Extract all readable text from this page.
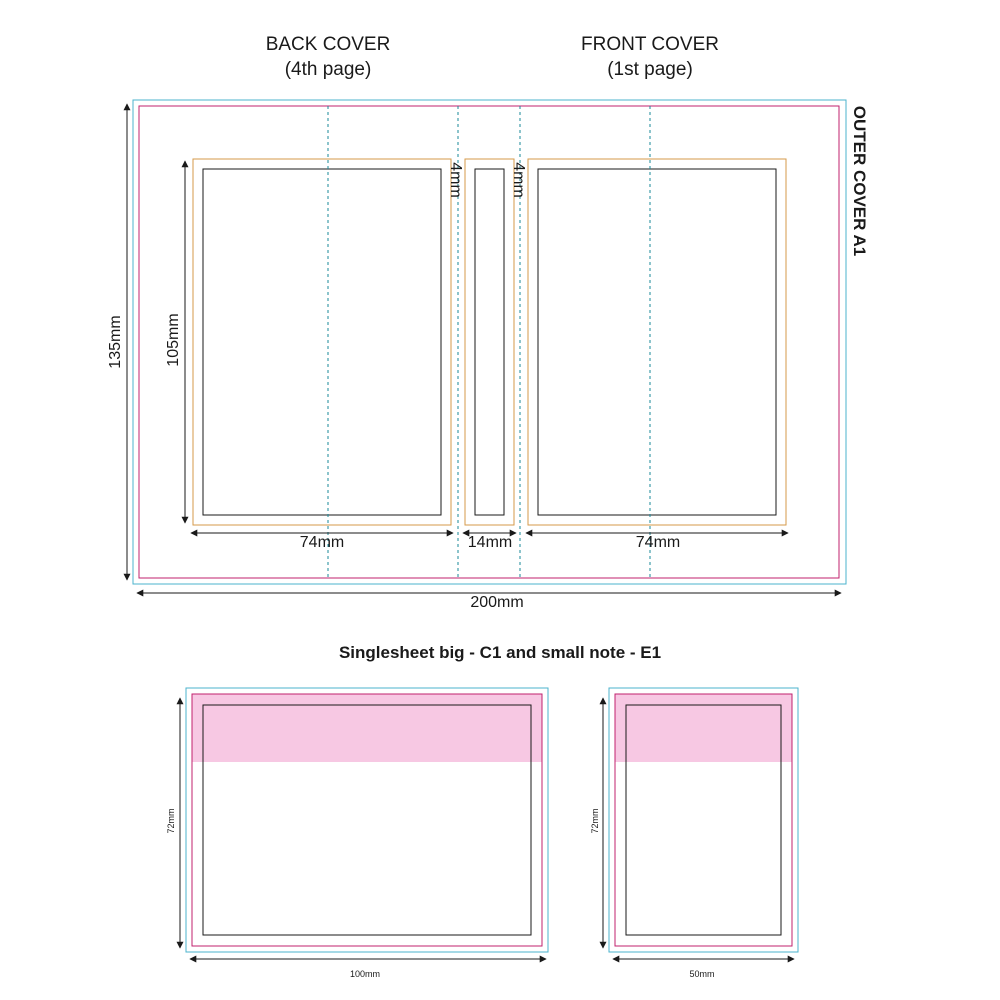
BACK COVER
(4th page)
FRONT COVER
(1st page)
OUTER COVER A1
135mm	105mm
4mm	4mm
74mm	14mm	74mm
200mm
Singlesheet big - C1 and small note - E1
72mm
100mm
72mm
50mm
